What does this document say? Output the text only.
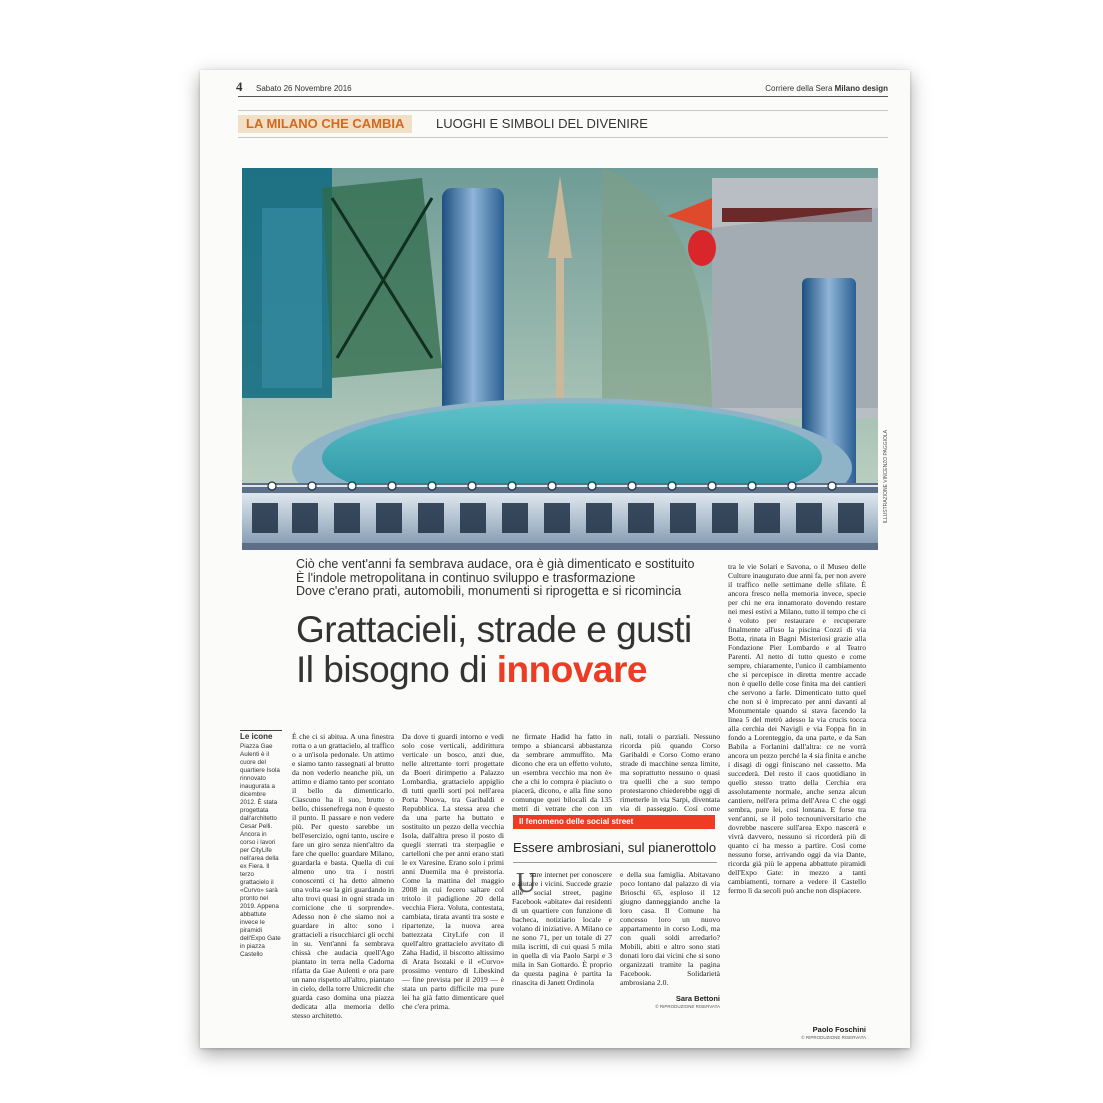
4 Sabato 26 Novembre 2016	Corriere della Sera Milano design
LA MILANO CHE CAMBIA	LUOGHI E SIMBOLI DEL DIVENIRE
ILLUSTRAZIONE VINCENZO PAGGIOLA
Ciò che vent'anni fa sembrava audace, ora è già dimenticato e sostituito
È l'indole metropolitana in continuo sviluppo e trasformazione
Dove c'erano prati, automobili, monumenti si riprogetta e si ricomincia
Grattacieli, strade e gusti
Il bisogno di innovare
Le icone
Piazza Gae Aulenti è il cuore del quartiere Isola rinnovato inaugurata a dicembre 2012. È stata progettata dall'architetto Cesar Pelli. Ancora in corso i lavori per CityLife nell'area della ex Fiera. Il terzo grattacielo il «Curvo» sarà pronto nel 2019. Appena abbattute invece le piramidi dell'Expo Gate in piazza Castello
È che ci si abitua. A una finestra rotta o a un grattacielo, al traffico o a un'isola pedonale. Un attimo e siamo tanto rassegnati al brutto da non vederlo neanche più, un attimo e diamo tanto per scontato il bello da dimenticarlo. Ciascuno ha il suo, brutto o bello, chissenefrega non è questo il punto. Il passare e non vedere più. Per questo sarebbe un bell'esercizio, ogni tanto, uscire e fare un giro senza nient'altro da fare che quello: guardare Milano, guardarla e basta. Quella di cui almeno uno tra i nostri conoscenti ci ha detto almeno una volta «se la giri guardando in alto trovi quasi in ogni strada un cornicione che ti sorprende». Adesso non è che siamo noi a guardare in alto: sono i grattacieli a risucchiarci gli occhi in su. Vent'anni fa sembrava chissà che audacia quell'Ago piantato in terra nella Cadorna rifatta da Gae Aulenti e ora pare un nano rispetto all'altro, piantato in cielo, della torre Unicredit che guarda caso domina una piazza dedicata alla memoria dello stesso architetto.
Da dove ti guardi intorno e vedi solo cose verticali, addirittura verticale un bosco, anzi due, nelle altrettante torri progettate da Boeri dirimpetto a Palazzo Lombardia, grattacielo appiglio di tutti quelli sorti poi nell'area Porta Nuova, tra Garibaldi e Repubblica. La stessa area che da una parte ha buttato e sostituito un pezzo della vecchia Isola, dall'altra preso il posto di quegli sterrati tra sterpaglie e cartelloni che per anni erano stati le ex Varesine. Erano solo i primi anni Duemila ma è preistoria. Come la mattina del maggio 2008 in cui fecero saltare col tritolo il padiglione 20 della vecchia Fiera. Voluta, contestata, cambiata, tirata avanti tra soste e ripartenze, la nuova area battezzata CityLife con il quell'altro grattacielo avvitato di Zaha Hadid, il biscotto altissimo di Arata Isozaki e il «Curvo» prossimo venturo di Libeskind — fine prevista per il 2019 — è stata un parto difficile ma pure lei ha già fatto dimenticare quel che c'era prima.
ne firmate Hadid ha fatto in tempo a sbiancarsi abbastanza da sembrare ammuffito. Ma dicono che era un effetto voluto, un «sembra vecchio ma non è» che a chi lo compra è piaciuto o piacerà, dicono, e alla fine sono comunque quei bilocali da 135 metri di vetrate che con un
nali, totali o parziali. Nessuno ricorda più quando Corso Garibaldi e Corso Como erano strade di macchine senza limite, ma soprattutto nessuno o quasi tra quelli che a suo tempo protestarono chiederebbe oggi di rimetterle in via Sarpi, diventata via di passeggio. Così come
tra le vie Solari e Savona, o il Museo delle Culture inaugurato due anni fa, per non avere il traffico nelle settimane delle sfilate. È ancora fresco nella memoria invece, specie per chi ne era innamorato dovendo restare nei mesi estivi a Milano, tutto il tempo che ci è voluto per restaurare e recuperare finalmente all'uso la piscina Cozzi di via Botta, rinata in Bagni Misteriosi grazie alla Fondazione Pier Lombardo e al Teatro Parenti. Al netto di tutto questo e come sempre, chiaramente, l'unico il cambiamento che si percepisce in diretta mentre accade non è quello delle cose finita ma dei cantieri che servono a farle. Dimenticato tutto quel che non si è imprecato per anni davanti al Monumentale quando si stava facendo la linea 5 del metrò adesso la via crucis tocca alla cerchia dei Navigli e via Foppa fin in fondo a Lorenteggio, da una parte, e da San Babila a Forlanini dall'altra: ce ne vorrà ancora un pezzo perché la 4 sia finita e anche i disagi di oggi finiscano nel cassetto. Ma succederà. Del resto il caos quotidiano in quello stesso tratto della Cerchia era assolutamente normale, anche senza alcun cantiere, nell'era prima dell'Area C che oggi sembra, pure lei, così lontana. E forse tra vent'anni, se il polo tecnouniversitario che dovrebbe nascere sull'area Expo nascerà e vivrà davvero, nessuno si ricorderà più di quanto ci ha messo a partire. Così come nessuno forse, arrivando oggi da via Dante, ricorda già più le appena abbattute piramidi dell'Expo Gate: in mezzo a tanti cambiamenti, tornare a vedere il Castello fermo lì da secoli può anche non dispiacere.
Il fenomeno delle social street
Essere ambrosiani, sul pianerottolo
U
sare internet per conoscere e aiutare i vicini. Succede grazie alle social street, pagine Facebook «abitate» dai residenti di un quartiere con funzione di bacheca, notiziario locale e volano di iniziative. A Milano ce ne sono 71, per un totale di 27 mila iscritti, di cui quasi 5 mila in quella di via Paolo Sarpi e 3 mila in San Gottardo. È proprio da questa pagina è partita la rinascita di Janett Ordinola
e della sua famiglia. Abitavano poco lontano dal palazzo di via Brioschi 65, esploso il 12 giugno danneggiando anche la loro casa. Il Comune ha concesso loro un nuovo appartamento in corso Lodi, ma con quali soldi arredarlo? Mobili, abiti e altro sono stati donati loro dai vicini che si sono organizzati tramite la pagina Facebook. Solidarietà ambrosiana 2.0.
Sara Bettoni
© RIPRODUZIONE RISERVATA
Paolo Foschini
© RIPRODUZIONE RISERVATA
